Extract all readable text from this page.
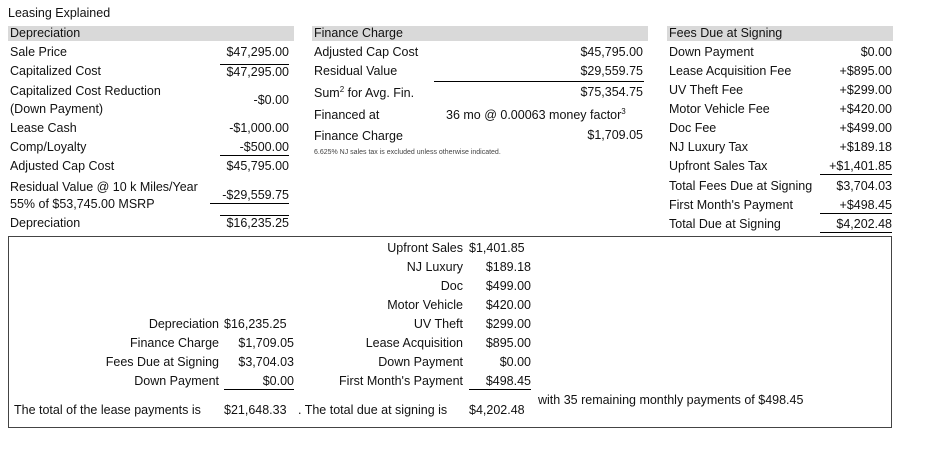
Leasing Explained
Depreciation
Sale Price	$47,295.00
Capitalized Cost	$47,295.00
Capitalized Cost Reduction
(Down Payment)
-$0.00
Lease Cash	-$1,000.00
Comp/Loyalty	-$500.00
Adjusted Cap Cost	$45,795.00
Residual Value @ 10 k Miles/Year
55% of $53,745.00 MSRP
-$29,559.75
Depreciation	$16,235.25
Finance Charge
Adjusted Cap Cost	$45,795.00
Residual Value	$29,559.75
Sum$^2$ for Avg. Fin.	$75,354.75
Financed at	36 mo @ 0.00063 money factor$^3$
Finance Charge	$1,709.05
6.625% NJ sales tax is excluded unless otherwise indicated.
Fees Due at Signing
Down Payment	$0.00
Lease Acquisition Fee	+$895.00
UV Theft Fee	+$299.00
Motor Vehicle Fee	+$420.00
Doc Fee	+$499.00
NJ Luxury Tax	+$189.18
Upfront Sales Tax	+$1,401.85
Total Fees Due at Signing	$3,704.03
First Month's Payment	+$498.45
Total Due at Signing	$4,202.48
Upfront Sales $1,401.85
NJ Luxury	$189.18
Doc	$499.00
Motor Vehicle	$420.00
UV Theft	$299.00
Lease Acquisition	$895.00
Down Payment	$0.00
First Month's Payment	$498.45
Depreciation $16,235.25
Finance Charge	$1,709.05
Fees Due at Signing	$3,704.03
Down Payment	$0.00
The total of the lease payments is $21,648.33 . The total due at signing is $4,202.48
with 35 remaining monthly payments of $498.45
